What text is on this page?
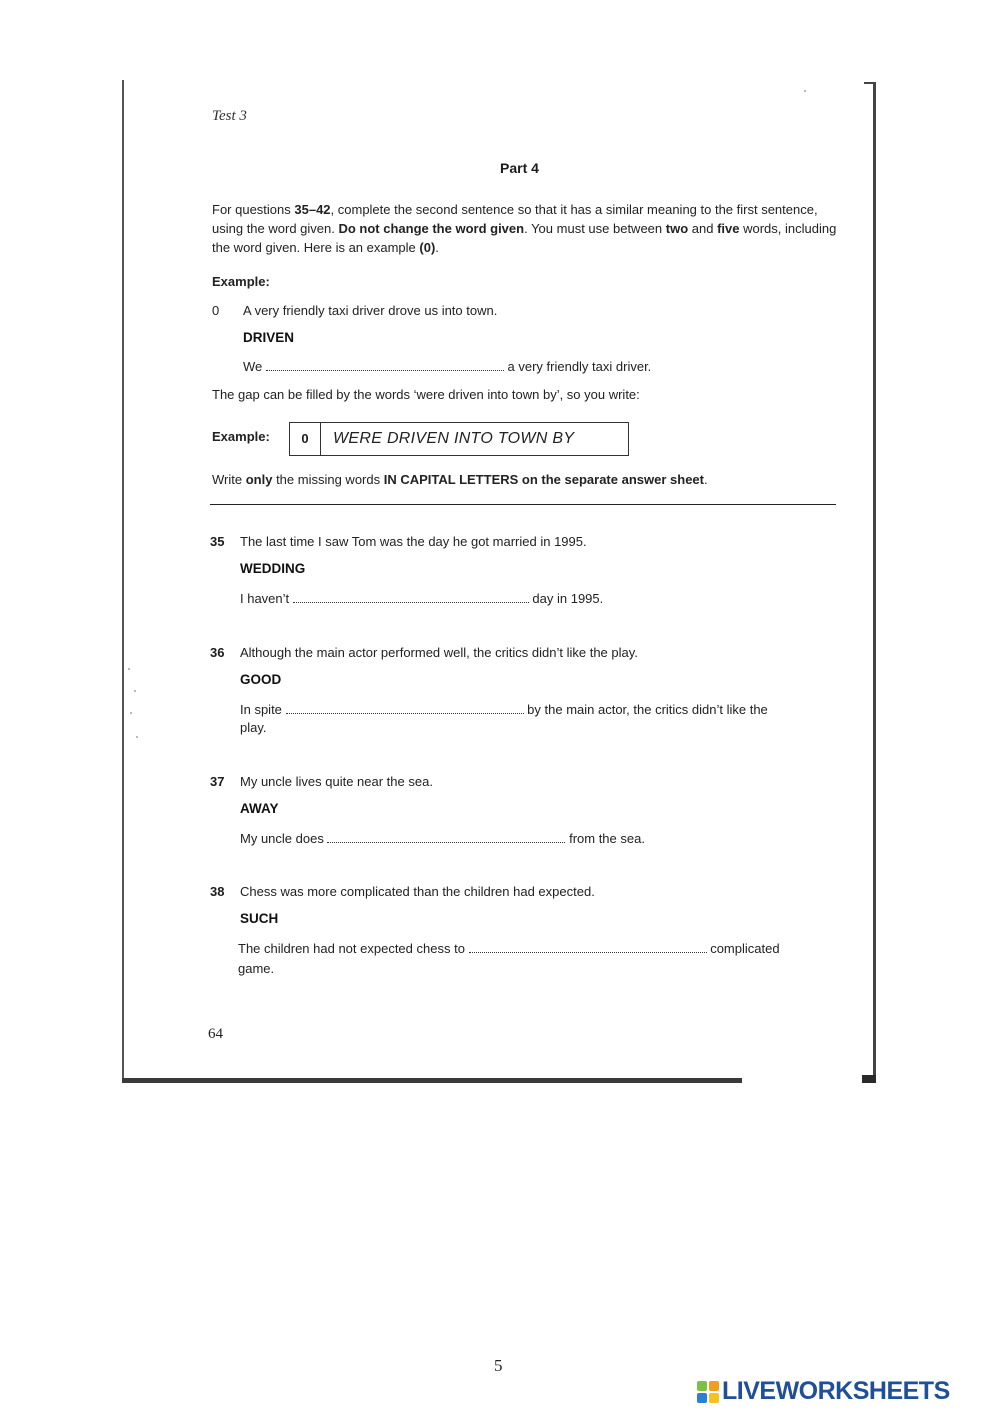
Test 3
Part 4
For questions 35–42, complete the second sentence so that it has a similar meaning to the first sentence, using the word given. Do not change the word given. You must use between two and five words, including the word given. Here is an example (0).
Example:
0 A very friendly taxi driver drove us into town.
DRIVEN
We	a very friendly taxi driver.
The gap can be filled by the words ‘were driven into town by’, so you write:
Example:	0	WERE DRIVEN INTO TOWN BY
Write only the missing words IN CAPITAL LETTERS on the separate answer sheet.
35	The last time I saw Tom was the day he got married in 1995.
WEDDING
I haven’t	day in 1995.
36	Although the main actor performed well, the critics didn’t like the play.
GOOD
In spite	by the main actor, the critics didn’t like the
play.
37	My uncle lives quite near the sea.
AWAY
My uncle does	from the sea.
38	Chess was more complicated than the children had expected.
SUCH
The children had not expected chess to	complicated
game.
64
5
LIVEWORKSHEETS
